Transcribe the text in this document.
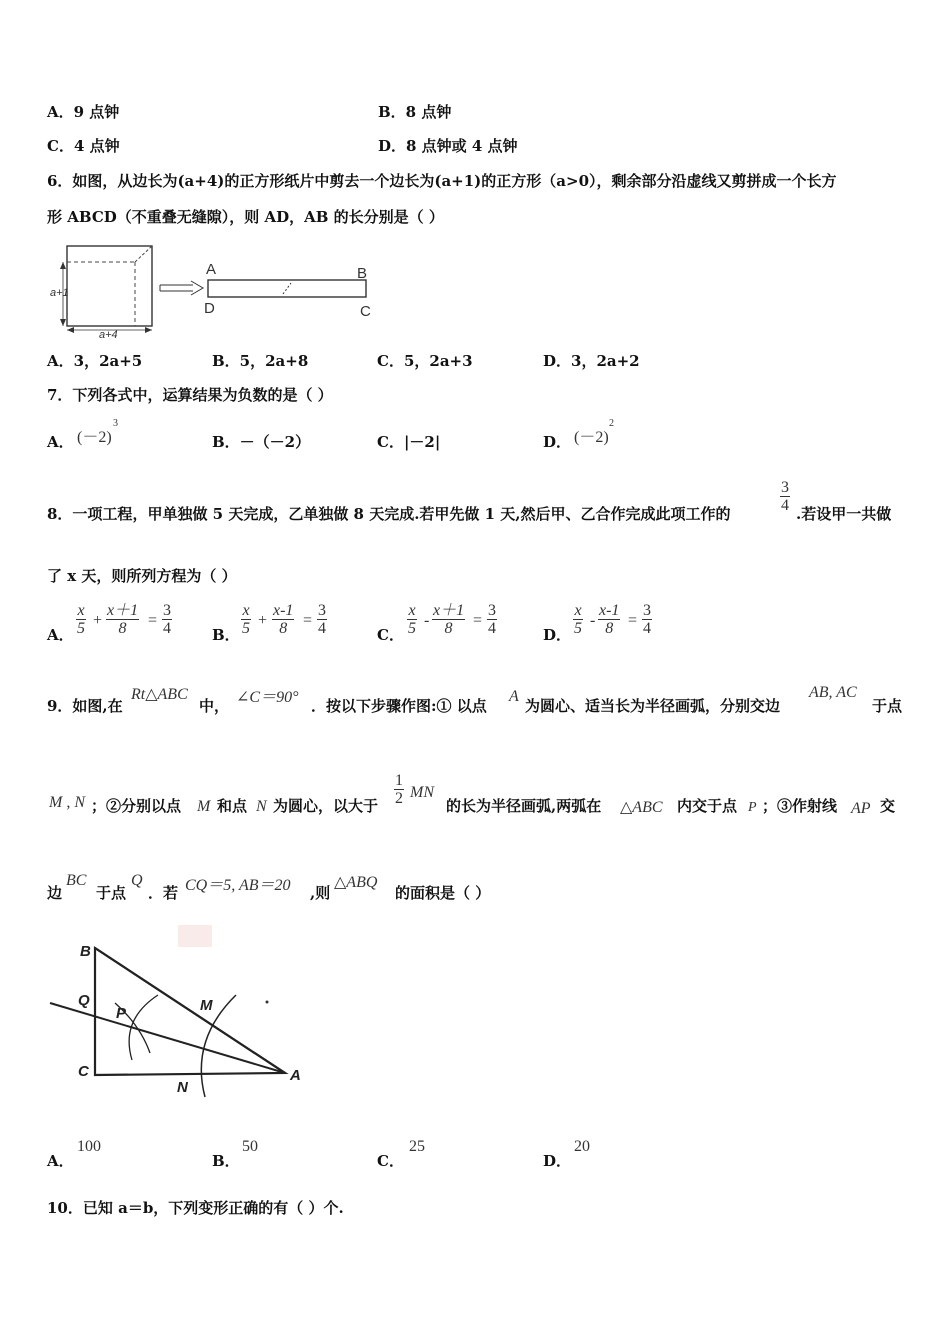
A．9 点钟	B．8 点钟
C．4 点钟	D．8 点钟或 4 点钟
6．如图，从边长为(a+4)的正方形纸片中剪去一个边长为(a+1)的正方形（a>0），剩余部分沿虚线又剪拼成一个长方
形 ABCD（不重叠无缝隙），则 AD，AB 的长分别是（ ）
a+1
a+4
A	B
D	C
A．3，2a+5	B．5，2a+8	C．5，2a+3	D．3，2a+2
7．下列各式中，运算结果为负数的是（ ）
A． (－2)
3
B．－（－2）	C．|－2|	D． (－2)
2
8．一项工程，甲单独做 5 天完成，乙单独做 8 天完成.若甲先做 1 天,然后甲、乙合作完成此项工作的
3
4 .若设甲一共做
了 x 天，则所列方程为（ ）
A．
x
5 +
x＋1
8 =
3
4	B．
x
5 +
x-1
8 =
3
4	C．
x
5 -
x＋1
8 =
3
4	D．
x
5 -
x-1
8 =
3
4
9．如图,在
Rt△ABC
中， ∠C＝90° ．按以下步骤作图:① 以点
A
为圆心、适当长为半径画弧，分别交边
AB, AC
于点
M , N ；②分别以点 M 和点 N 为圆心，以大于
1
2 MN
的长为半径画弧,两弧在 △ABC 内交于点 P ；③作射线 AP 交
边
BC
于点
Q
．若 CQ＝5, AB＝20 ,则
△ABQ
的面积是（ ）
B
Q
P	M
C
N
A
A．
100
B．
50
C．
25
D．
20
10．已知 a＝b，下列变形正确的有（ ）个.
